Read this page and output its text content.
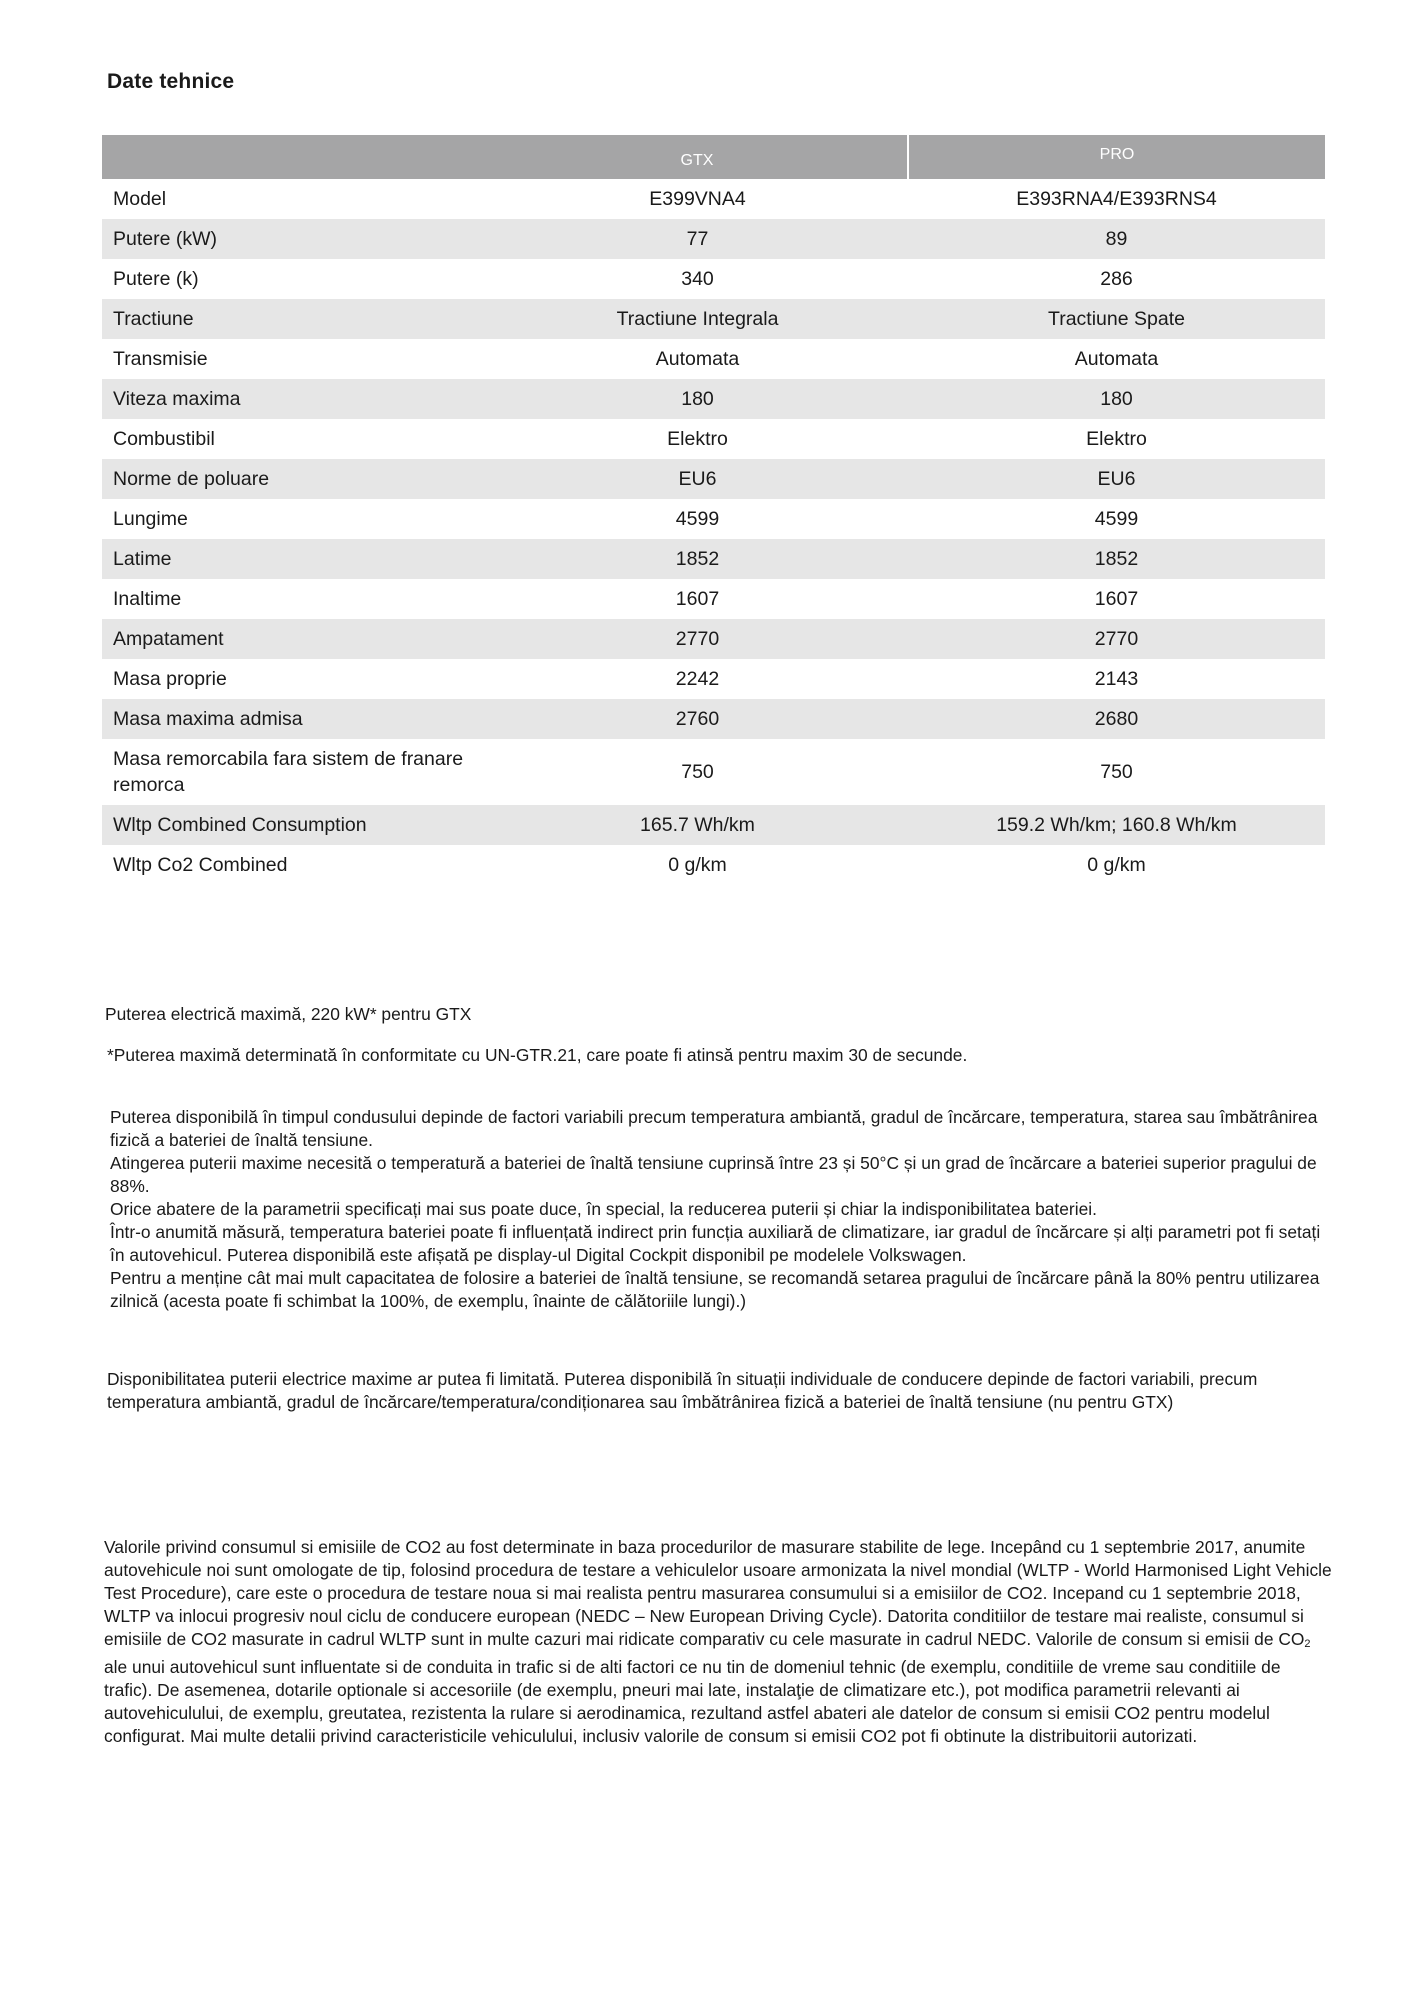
Date tehnice
	GTX	PRO
Model	E399VNA4	E393RNA4/E393RNS4
Putere (kW)	77	89
Putere (k)	340	286
Tractiune	Tractiune Integrala	Tractiune Spate
Transmisie	Automata	Automata
Viteza maxima	180	180
Combustibil	Elektro	Elektro
Norme de poluare	EU6	EU6
Lungime	4599	4599
Latime	1852	1852
Inaltime	1607	1607
Ampatament	2770	2770
Masa proprie	2242	2143
Masa maxima admisa	2760	2680
Masa remorcabila fara sistem de franare remorca	750	750
Wltp Combined Consumption	165.7 Wh/km	159.2 Wh/km; 160.8 Wh/km
Wltp Co2 Combined	0 g/km	0 g/km
Puterea electrică maximă, 220 kW* pentru GTX
*Puterea maximă determinată în conformitate cu UN-GTR.21, care poate fi atinsă pentru maxim 30 de secunde.
Puterea disponibilă în timpul condusului depinde de factori variabili precum temperatura ambiantă, gradul de încărcare, temperatura, starea sau îmbătrânirea fizică a bateriei de înaltă tensiune.
Atingerea puterii maxime necesită o temperatură a bateriei de înaltă tensiune cuprinsă între 23 și 50°C și un grad de încărcare a bateriei superior pragului de 88%.
Orice abatere de la parametrii specificați mai sus poate duce, în special, la reducerea puterii și chiar la indisponibilitatea bateriei.
Într-o anumită măsură, temperatura bateriei poate fi influențată indirect prin funcția auxiliară de climatizare, iar gradul de încărcare și alți parametri pot fi setați în autovehicul. Puterea disponibilă este afișată pe display-ul Digital Cockpit disponibil pe modelele Volkswagen.
Pentru a menține cât mai mult capacitatea de folosire a bateriei de înaltă tensiune, se recomandă setarea pragului de încărcare până la 80% pentru utilizarea zilnică (acesta poate fi schimbat la 100%, de exemplu, înainte de călătoriile lungi).)
Disponibilitatea puterii electrice maxime ar putea fi limitată. Puterea disponibilă în situații individuale de conducere depinde de factori variabili, precum temperatura ambiantă, gradul de încărcare/temperatura/condiționarea sau îmbătrânirea fizică a bateriei de înaltă tensiune (nu pentru GTX)
Valorile privind consumul si emisiile de CO2 au fost determinate in baza procedurilor de masurare stabilite de lege. Incepând cu 1 septembrie 2017, anumite autovehicule noi sunt omologate de tip, folosind procedura de testare a vehiculelor usoare armonizata la nivel mondial (WLTP - World Harmonised Light Vehicle Test Procedure), care este o procedura de testare noua si mai realista pentru masurarea consumului si a emisiilor de CO2. Incepand cu 1 septembrie 2018, WLTP va inlocui progresiv noul ciclu de conducere european (NEDC – New European Driving Cycle). Datorita conditiilor de testare mai realiste, consumul si emisiile de CO2 masurate in cadrul WLTP sunt in multe cazuri mai ridicate comparativ cu cele masurate in cadrul NEDC. Valorile de consum si emisii de CO2 ale unui autovehicul sunt influentate si de conduita in trafic si de alti factori ce nu tin de domeniul tehnic (de exemplu, conditiile de vreme sau conditiile de trafic). De asemenea, dotarile optionale si accesoriile (de exemplu, pneuri mai late, instalaţie de climatizare etc.), pot modifica parametrii relevanti ai autovehiculului, de exemplu, greutatea, rezistenta la rulare si aerodinamica, rezultand astfel abateri ale datelor de consum si emisii CO2 pentru modelul configurat. Mai multe detalii privind caracteristicile vehiculului, inclusiv valorile de consum si emisii CO2 pot fi obtinute la distribuitorii autorizati.
